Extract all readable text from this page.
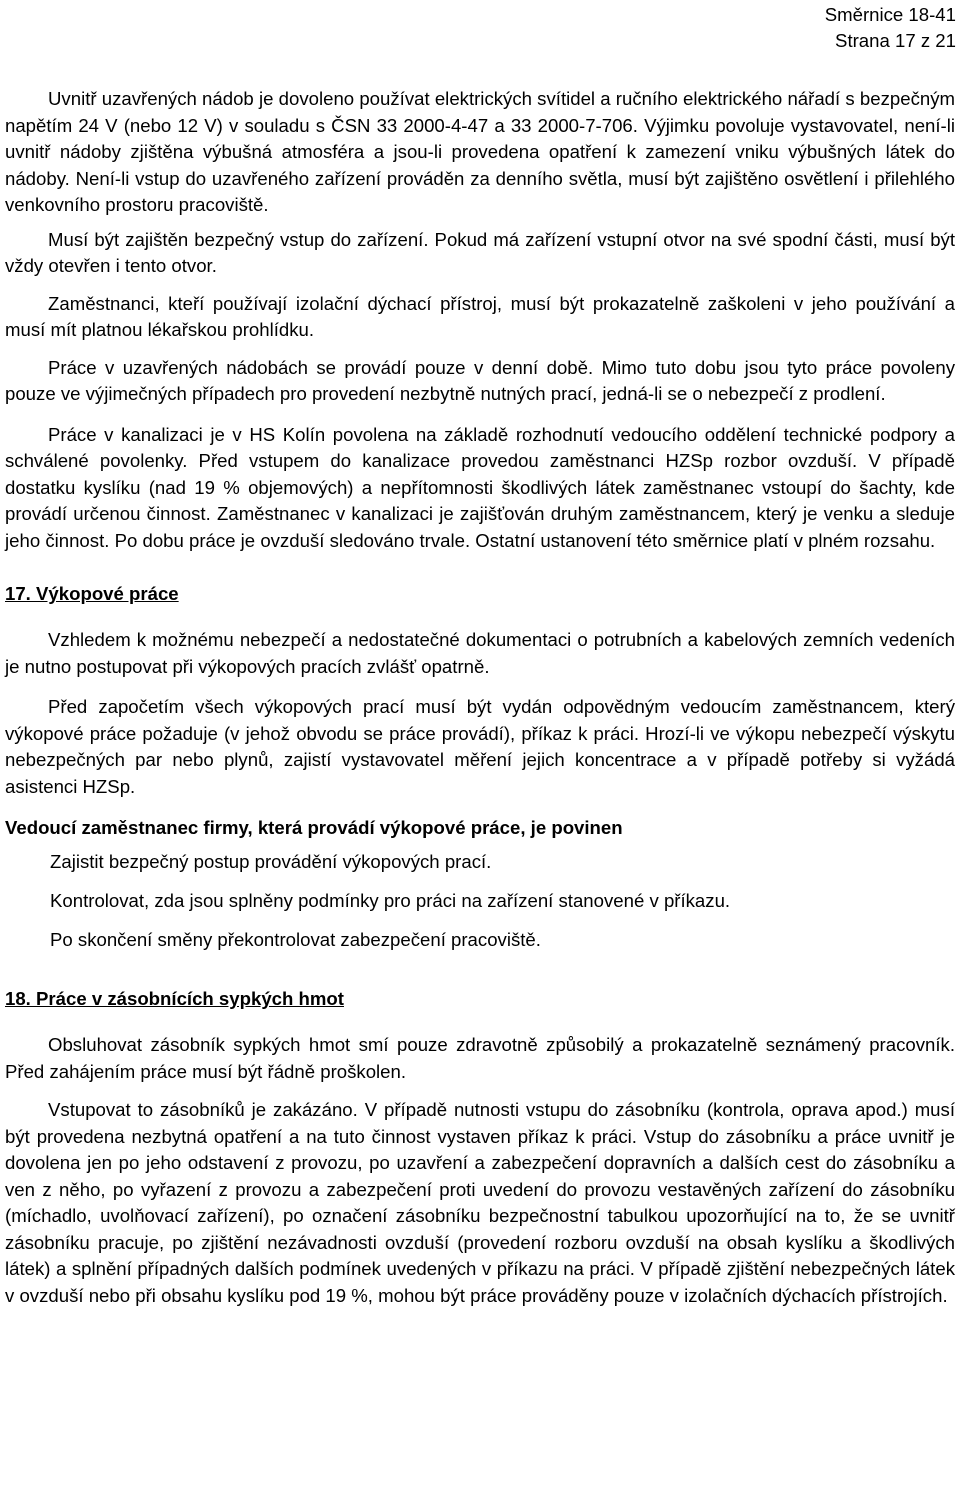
Směrnice 18-41
Strana 17 z 21

Uvnitř uzavřených nádob je dovoleno používat elektrických svítidel a ručního elektrického nářadí s bezpečným napětím 24 V (nebo 12 V) v souladu s ČSN 33 2000-4-47 a 33 2000-7-706. Výjimku povoluje vystavovatel, není-li uvnitř nádoby zjištěna výbušná atmosféra a jsou-li provedena opatření k zamezení vniku výbušných látek do nádoby. Není-li vstup do uzavřeného zařízení prováděn za denního světla, musí být zajištěno osvětlení i přilehlého venkovního prostoru pracoviště.

Musí být zajištěn bezpečný vstup do zařízení. Pokud má zařízení vstupní otvor na své spodní části, musí být vždy otevřen i tento otvor.

Zaměstnanci, kteří používají izolační dýchací přístroj, musí být prokazatelně zaškoleni v jeho používání a musí mít platnou lékařskou prohlídku.

Práce v uzavřených nádobách se provádí pouze v denní době. Mimo tuto dobu jsou tyto práce povoleny pouze ve výjimečných případech pro provedení nezbytně nutných prací, jedná-li se o nebezpečí z prodlení.

Práce v kanalizaci je v HS Kolín povolena na základě rozhodnutí vedoucího oddělení technické podpory a schválené povolenky. Před vstupem do kanalizace provedou zaměstnanci HZSp rozbor ovzduší. V případě dostatku kyslíku (nad 19 % objemových) a nepřítomnosti škodlivých látek zaměstnanec vstoupí do šachty, kde provádí určenou činnost. Zaměstnanec v kanalizaci je zajišťován druhým zaměstnancem, který je venku a sleduje jeho činnost. Po dobu práce je ovzduší sledováno trvale. Ostatní ustanovení této směrnice platí v plném rozsahu.

17. Výkopové práce

Vzhledem k možnému nebezpečí a nedostatečné dokumentaci o potrubních a kabelových zemních vedeních je nutno postupovat při výkopových pracích zvlášť opatrně.

Před započetím všech výkopových prací musí být vydán odpovědným vedoucím zaměstnancem, který výkopové práce požaduje (v jehož obvodu se práce provádí), příkaz k práci. Hrozí-li ve výkopu nebezpečí výskytu nebezpečných par nebo plynů, zajistí vystavovatel měření jejich koncentrace a v případě potřeby si vyžádá asistenci HZSp.

Vedoucí zaměstnanec firmy, která provádí výkopové práce, je povinen
Zajistit bezpečný postup provádění výkopových prací.
Kontrolovat, zda jsou splněny podmínky pro práci na zařízení stanovené v příkazu.
Po skončení směny překontrolovat zabezpečení pracoviště.
18. Práce v zásobnících sypkých hmot

Obsluhovat zásobník sypkých hmot smí pouze zdravotně způsobilý a prokazatelně seznámený pracovník. Před zahájením práce musí být řádně proškolen.

Vstupovat to zásobníků je zakázáno. V případě nutnosti vstupu do zásobníku (kontrola, oprava apod.) musí být provedena nezbytná opatření a na tuto činnost vystaven příkaz k práci. Vstup do zásobníku a práce uvnitř je dovolena jen po jeho odstavení z provozu, po uzavření a zabezpečení dopravních a dalších cest do zásobníku a ven z něho, po vyřazení z provozu a zabezpečení proti uvedení do provozu vestavěných zařízení do zásobníku (míchadlo, uvolňovací zařízení), po označení zásobníku bezpečnostní tabulkou upozorňující na to, že se uvnitř zásobníku pracuje, po zjištění nezávadnosti ovzduší (provedení rozboru ovzduší na obsah kyslíku a škodlivých látek) a splnění případných dalších podmínek uvedených v příkazu na práci. V případě zjištění nebezpečných látek v ovzduší nebo při obsahu kyslíku pod 19 %, mohou být práce prováděny pouze v izolačních dýchacích přístrojích.
